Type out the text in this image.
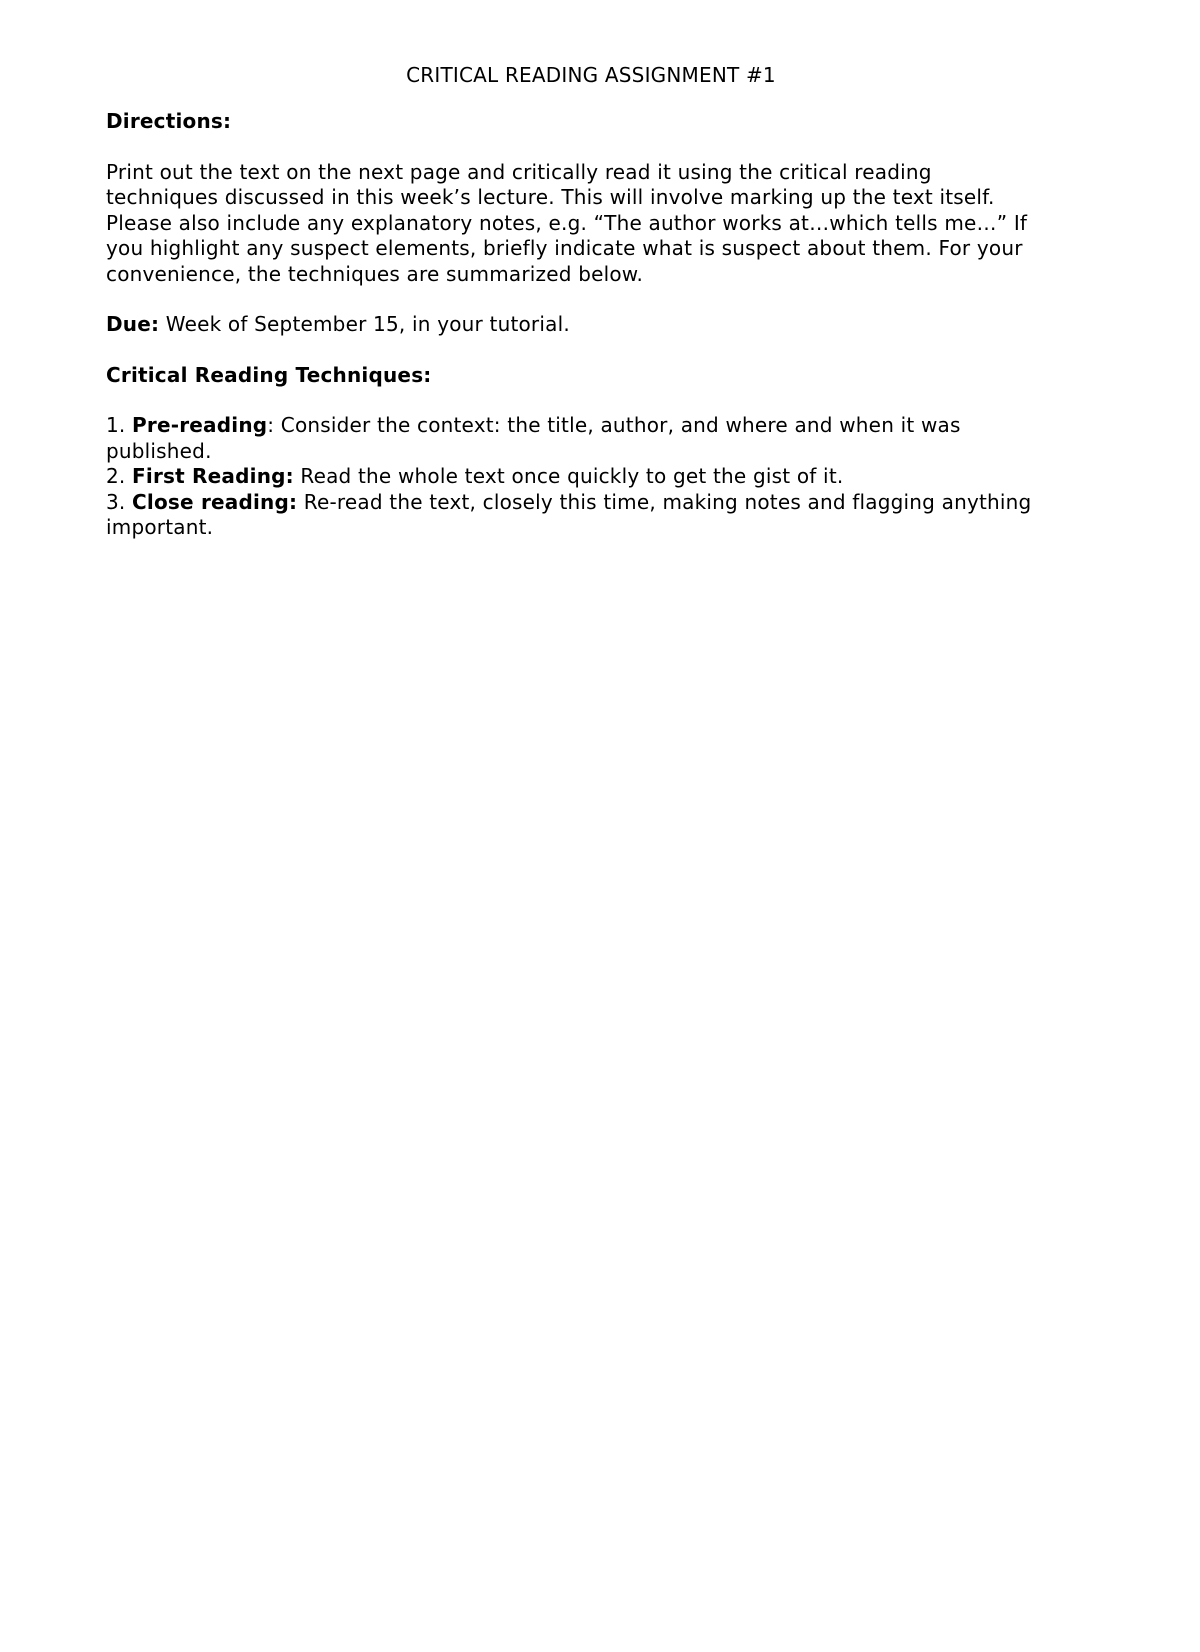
CRITICAL READING ASSIGNMENT #1
Directions:

Print out the text on the next page and critically read it using the critical reading techniques discussed in this week’s lecture. This will involve marking up the text itself. Please also include any explanatory notes, e.g. “The author works at…which tells me…” If you highlight any suspect elements, briefly indicate what is suspect about them. For your convenience, the techniques are summarized below.

Due: Week of September 15, in your tutorial.

Critical Reading Techniques:
1. Pre-reading: Consider the context: the title, author, and where and when it was published.
2. First Reading: Read the whole text once quickly to get the gist of it.
3. Close reading: Re-read the text, closely this time, making notes and flagging anything important.
